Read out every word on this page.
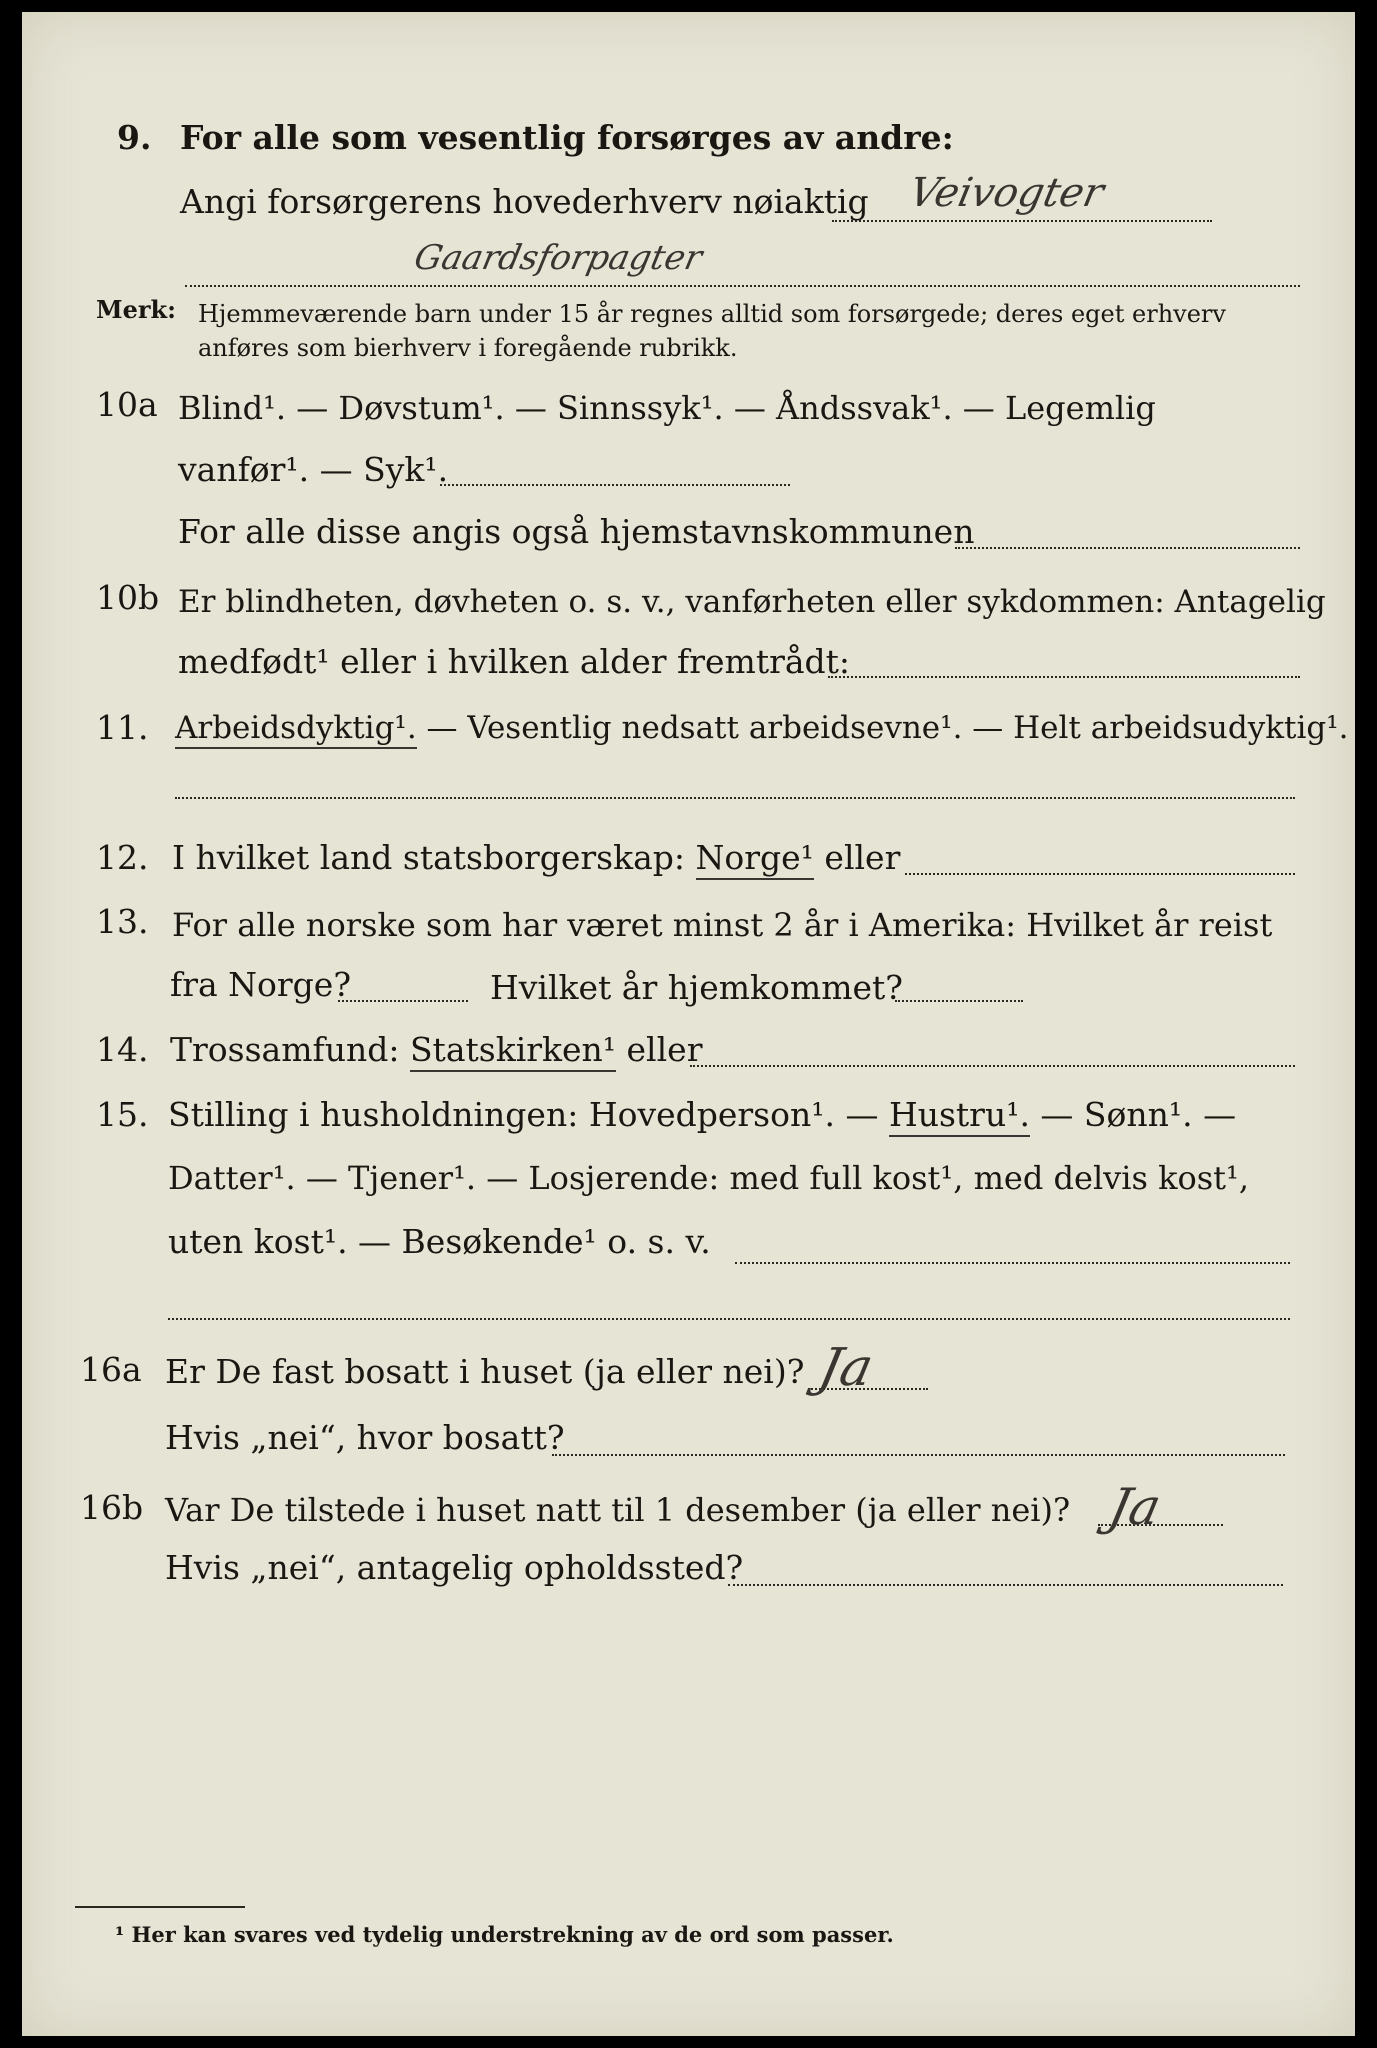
9. For alle som vesentlig forsørges av andre:
Angi forsørgerens hovederhverv nøiaktig Veivogter
Gaardsforpagter
Merk: Hjemmeværende barn under 15 år regnes alltid som forsørgede; deres eget erhverv
anføres som bierhverv i foregående rubrikk.
10a Blind¹. — Døvstum¹. — Sinnssyk¹. — Åndssvak¹. — Legemlig
vanfør¹. — Syk¹.
For alle disse angis også hjemstavnskommunen
10b Er blindheten, døvheten o. s. v., vanførheten eller sykdommen: Antagelig
medfødt¹ eller i hvilken alder fremtrådt:
11. Arbeidsdyktig¹. — Vesentlig nedsatt arbeidsevne¹. — Helt arbeidsudyktig¹.
12. I hvilket land statsborgerskap: Norge¹ eller
13. For alle norske som har været minst 2 år i Amerika: Hvilket år reist
fra Norge?	Hvilket år hjemkommet?
14. Trossamfund: Statskirken¹ eller
15. Stilling i husholdningen: Hovedperson¹. — Hustru¹. — Sønn¹. —
Datter¹. — Tjener¹. — Losjerende: med full kost¹, med delvis kost¹,
uten kost¹. — Besøkende¹ o. s. v.
16a Er De fast bosatt i huset (ja eller nei)? Ja
Hvis „nei“, hvor bosatt?
16b Var De tilstede i huset natt til 1 desember (ja eller nei)? Ja
Hvis „nei“, antagelig opholdssted?
¹ Her kan svares ved tydelig understrekning av de ord som passer.
